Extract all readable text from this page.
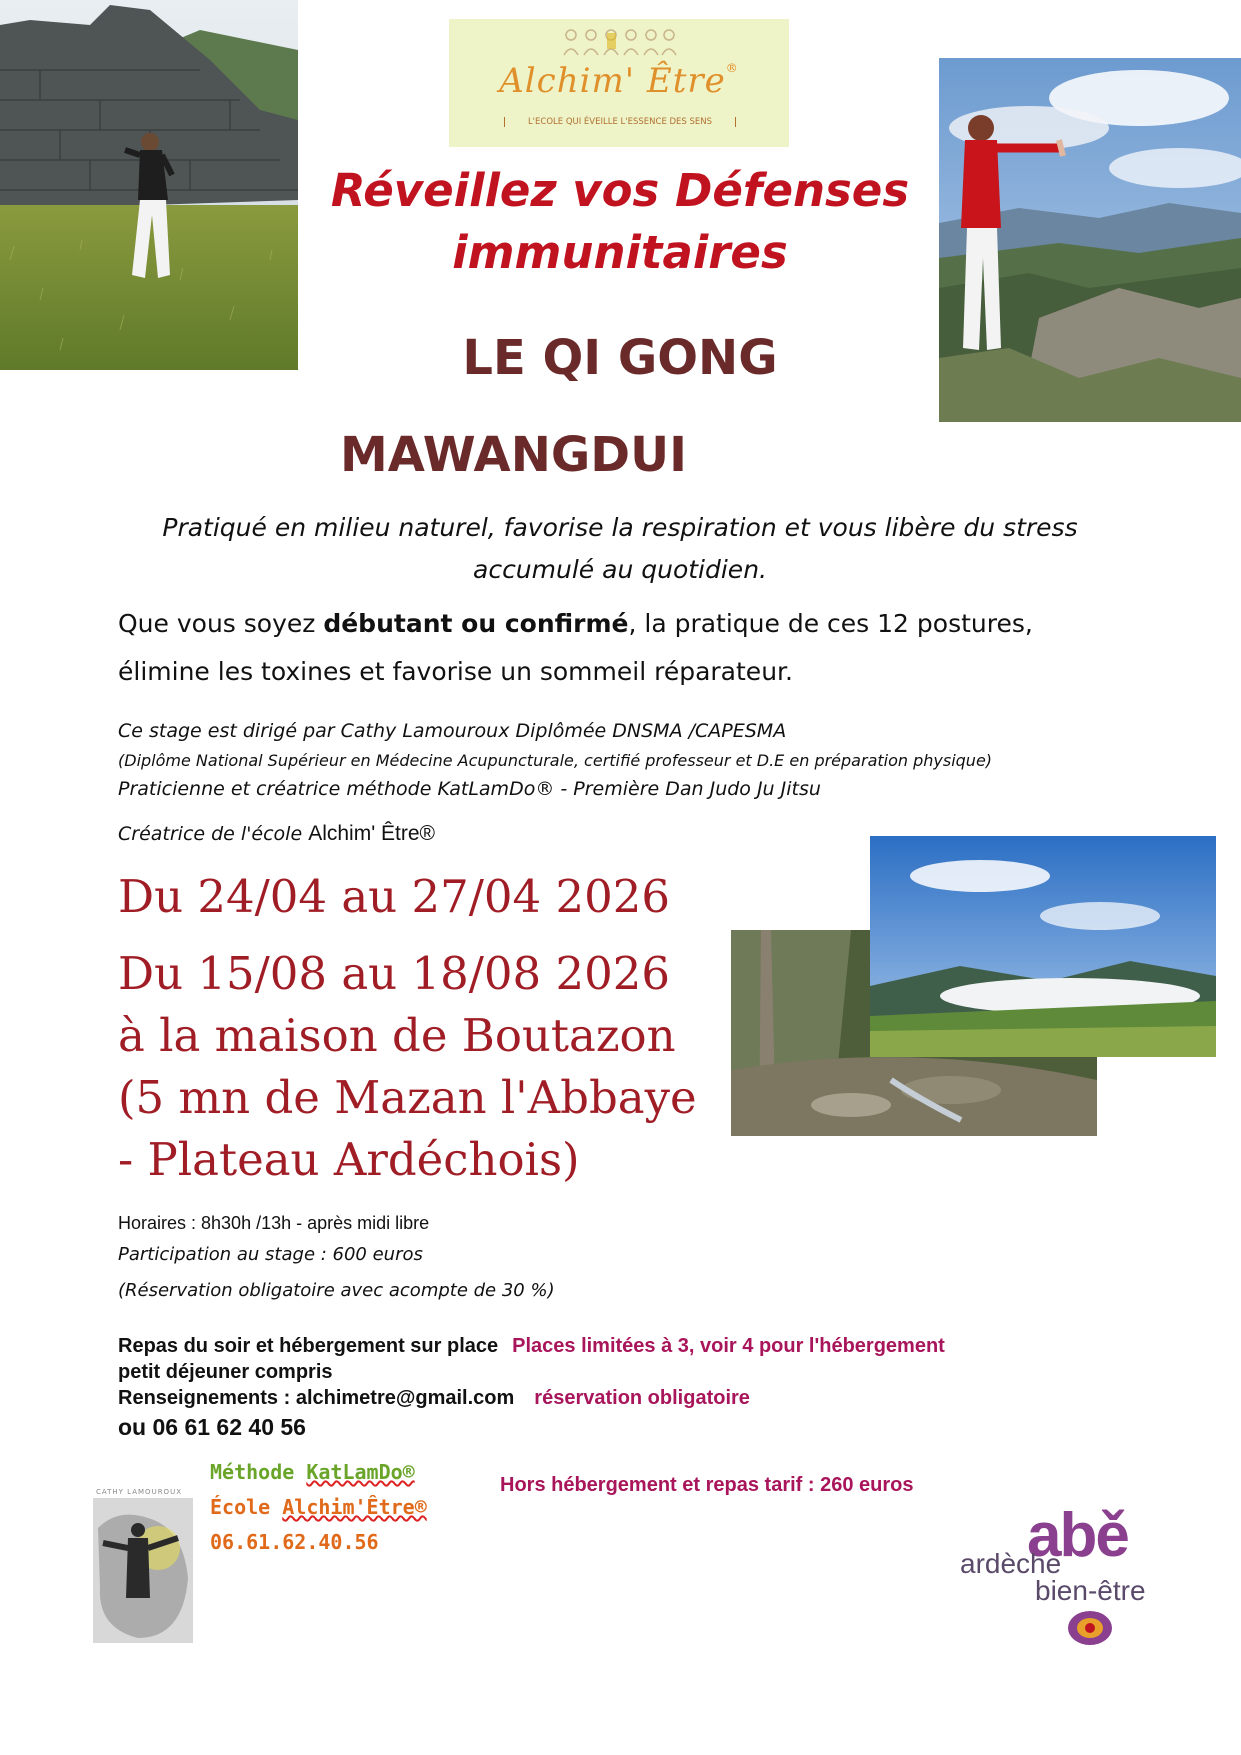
Alchim' Être®
L'ECOLE QUI ÉVEILLE L'ESSENCE DES SENS
Réveillez vos Défenses
immunitaires
LE QI GONG
MAWANGDUI
Pratiqué en milieu naturel, favorise la respiration et vous libère du stress
accumulé au quotidien.
Que vous soyez débutant ou confirmé, la pratique de ces 12 postures,
élimine les toxines et favorise un sommeil réparateur.
Ce stage est dirigé par Cathy Lamouroux Diplômée DNSMA /CAPESMA
(Diplôme National Supérieur en Médecine Acupuncturale, certifié professeur et D.E en préparation physique)
Praticienne et créatrice méthode KatLamDo® - Première Dan Judo Ju Jitsu
Créatrice de l'école Alchim' Être®
Du 24/04 au 27/04 2026
Du 15/08 au 18/08 2026
à la maison de Boutazon
(5 mn de Mazan l'Abbaye
- Plateau Ardéchois)
Horaires : 8h30h /13h - après midi libre
Participation au stage : 600 euros
(Réservation obligatoire avec acompte de 30 %)
Repas du soir et hébergement sur place Places limitées à 3, voir 4 pour l'hébergement
petit déjeuner compris
Renseignements : alchimetre@gmail.com réservation obligatoire
ou 06 61 62 40 56
Hors hébergement et repas tarif : 260 euros
CATHY LAMOUROUX
Méthode KatLamDo®
École Alchim'Être®
06.61.62.40.56	abě
ardèche
bien-être
